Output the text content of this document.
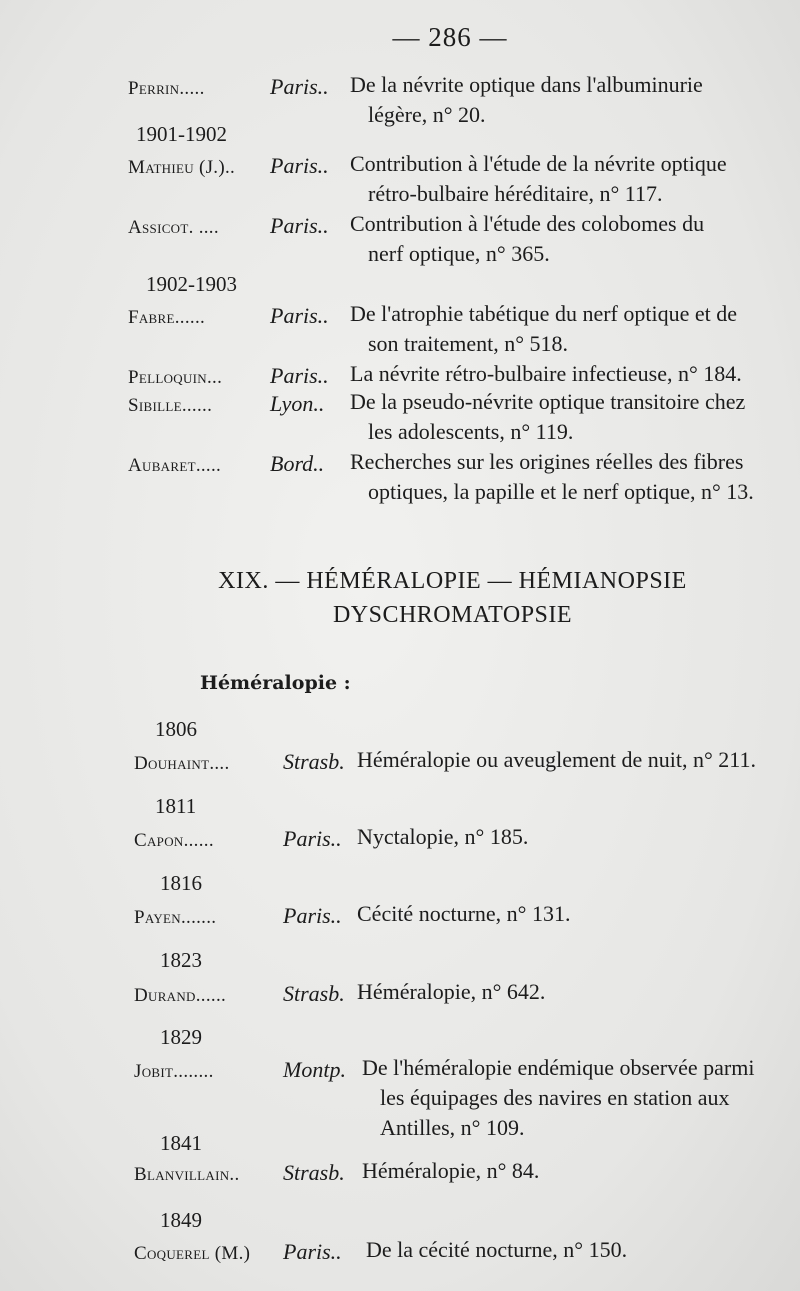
— 286 —
Perrin.....	Paris.. De la névrite optique dans l'albuminurie
légère, n° 20.
1901-1902
Mathieu (J.).. Paris.. Contribution à l'étude de la névrite optique
rétro-bulbaire héréditaire, n° 117.
Assicot. .... Paris.. Contribution à l'étude des colobomes du
nerf optique, n° 365.
1902-1903
Fabre......	Paris.. De l'atrophie tabétique du nerf optique et de
son traitement, n° 518.
Pelloquin... Paris.. La névrite rétro-bulbaire infectieuse, n° 184.
Sibille......	Lyon.. De la pseudo-névrite optique transitoire chez
les adolescents, n° 119.
Aubaret..... Bord.. Recherches sur les origines réelles des fibres
optiques, la papille et le nerf optique, n° 13.
XIX. — HÉMÉRALOPIE — HÉMIANOPSIE
DYSCHROMATOPSIE
Héméralopie :
1806
Douhaint.... Strasb. Héméralopie ou aveuglement de nuit, n° 211.
1811
Capon......	Paris.. Nyctalopie, n° 185.
1816
Payen.......	Paris.. Cécité nocturne, n° 131.
1823
Durand......	Strasb. Héméralopie, n° 642.
1829
Jobit........	Montp. De l'héméralopie endémique observée parmi
les équipages des navires en station aux
Antilles, n° 109.
1841
Blanvillain.. Strasb. Héméralopie, n° 84.
1849
Coquerel (M.) Paris.. De la cécité nocturne, n° 150.
